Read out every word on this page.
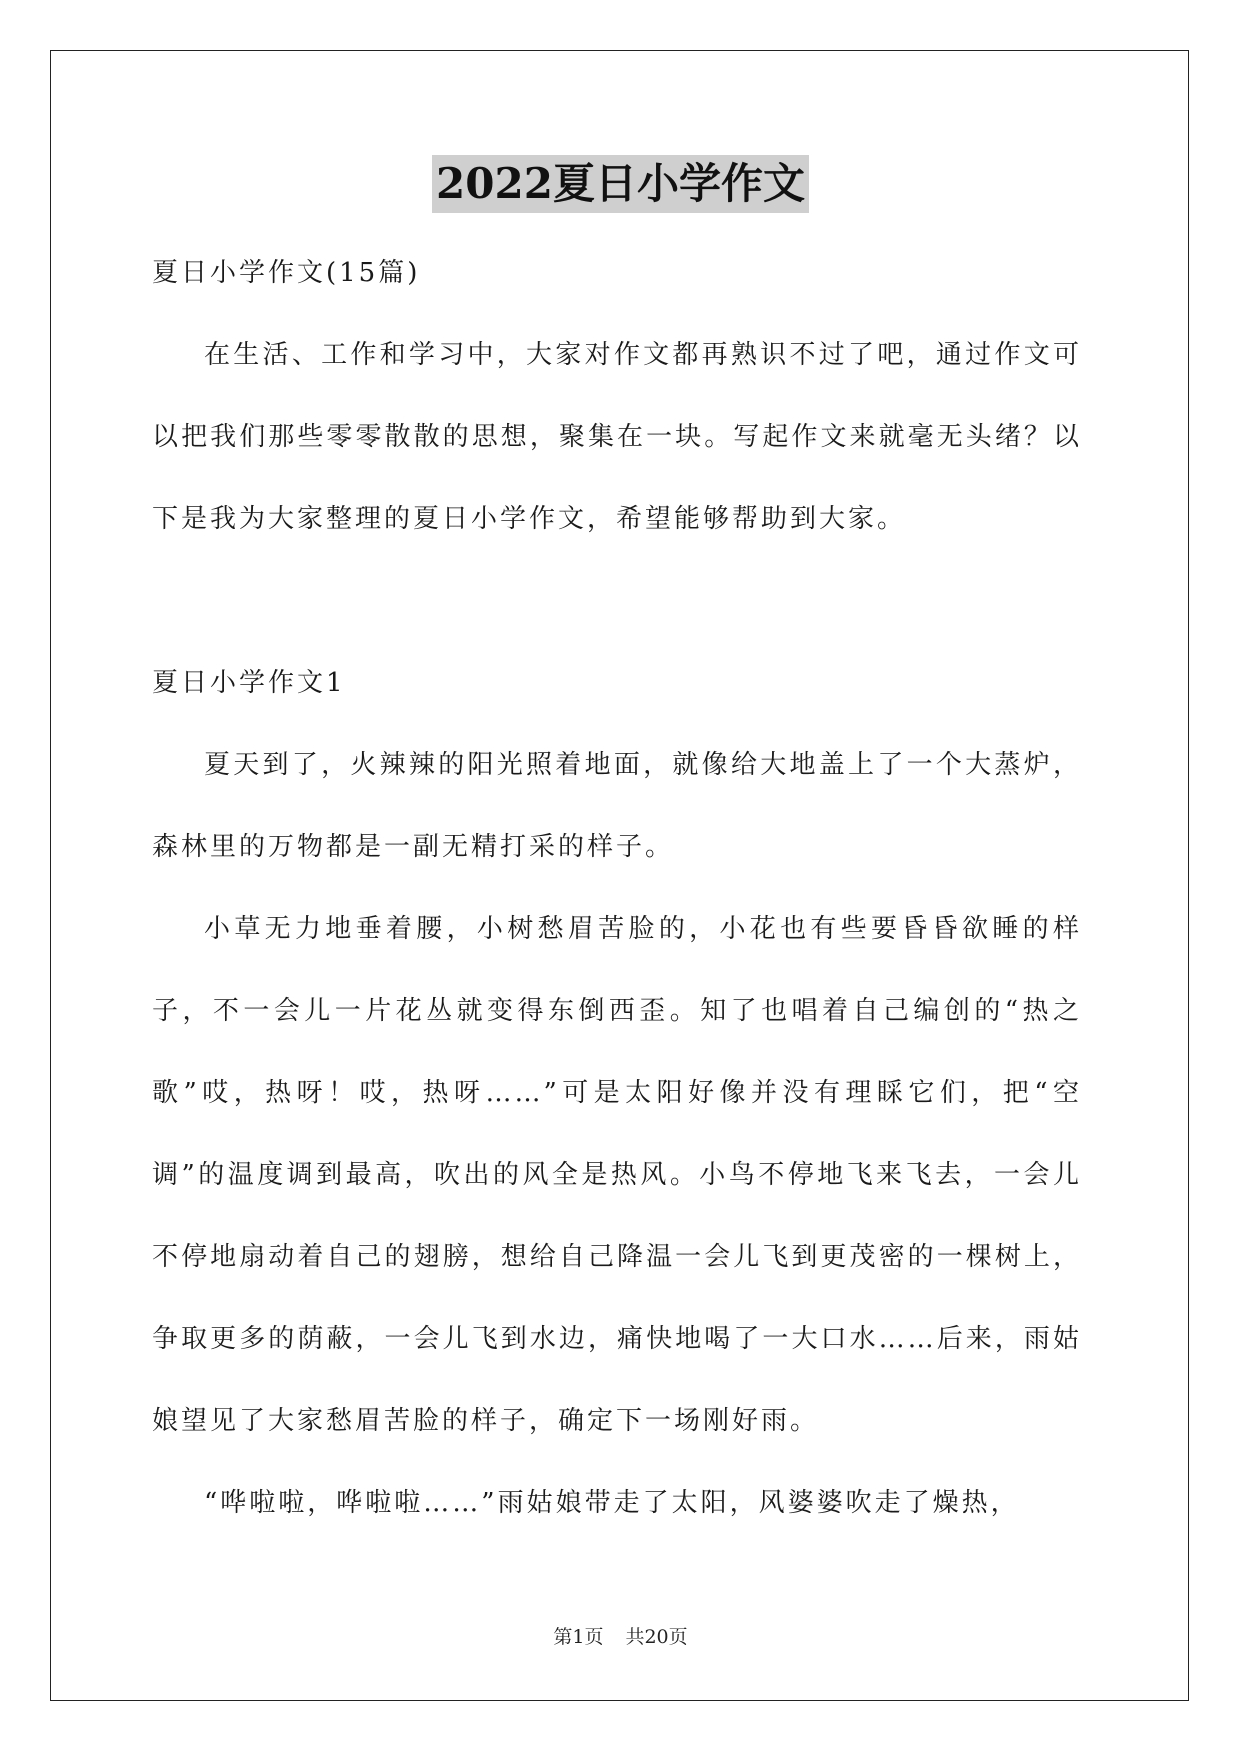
2022夏日小学作文

夏日小学作文(15篇)

在生活、工作和学习中，大家对作文都再熟识不过了吧，通过作文可以把我们那些零零散散的思想，聚集在一块。写起作文来就毫无头绪？以下是我为大家整理的夏日小学作文，希望能够帮助到大家。

夏日小学作文1

夏天到了，火辣辣的阳光照着地面，就像给大地盖上了一个大蒸炉，森林里的万物都是一副无精打采的样子。

小草无力地垂着腰，小树愁眉苦脸的，小花也有些要昏昏欲睡的样子，不一会儿一片花丛就变得东倒西歪。知了也唱着自己编创的“热之歌”哎，热呀！哎，热呀……”可是太阳好像并没有理睬它们，把“空调”的温度调到最高，吹出的风全是热风。小鸟不停地飞来飞去，一会儿不停地扇动着自己的翅膀，想给自己降温一会儿飞到更茂密的一棵树上，争取更多的荫蔽，一会儿飞到水边，痛快地喝了一大口水……后来，雨姑娘望见了大家愁眉苦脸的样子，确定下一场刚好雨。

“哗啦啦，哗啦啦……”雨姑娘带走了太阳，风婆婆吹走了燥热，

第1页 共20页
